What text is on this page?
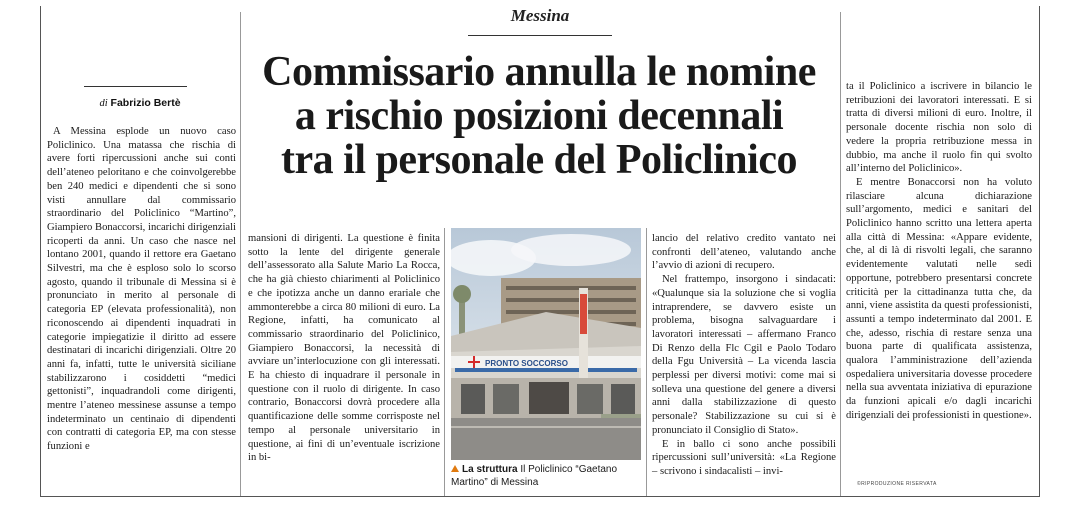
Messina
Commissario annulla le nomine
a rischio posizioni decennali
tra il personale del Policlinico
di Fabrizio Bertè

A Messina esplode un nuovo caso Policlinico. Una matassa che rischia di avere forti ripercussioni anche sui conti dell’ateneo peloritano e che coinvolgerebbe ben 240 medici e dipendenti che si sono visti annullare dal commissario straordinario del Policlinico “Martino”, Giampiero Bonaccorsi, incarichi dirigenziali ricoperti da anni. Un caso che nasce nel lontano 2001, quando il rettore era Gaetano Silvestri, ma che è esploso solo lo scorso agosto, quando il tribunale di Messina si è pronunciato in merito al personale di categoria EP (elevata professionalità), non riconoscendo ai dipendenti inquadrati in categorie impiegatizie il diritto ad essere destinatari di incarichi dirigenziali. Oltre 20 anni fa, infatti, tutte le università siciliane stabilizzarono i cosiddetti “medici gettonisti”, inquadrandoli come dirigenti, mentre l’ateneo messinese assunse a tempo indeterminato un centinaio di dipendenti con contratti di categoria EP, ma con stesse funzioni e

mansioni di dirigenti. La questione è finita sotto la lente del dirigente generale dell’assessorato alla Salute Mario La Rocca, che ha già chiesto chiarimenti al Policlinico e che ipotizza anche un danno erariale che ammonterebbe a circa 80 milioni di euro. La Regione, infatti, ha comunicato al commissario straordinario del Policlinico, Giampiero Bonaccorsi, la necessità di avviare un’interlocuzione con gli interessati. E ha chiesto di inquadrare il personale in questione con il ruolo di dirigente. In caso contrario, Bonaccorsi dovrà procedere alla quantificazione delle somme corrisposte nel tempo al personale universitario in questione, ai fini di un’eventuale iscrizione in bi-

PRONTO SOCCORSO
La struttura Il Policlinico “Gaetano Martino” di Messina

lancio del relativo credito vantato nei confronti dell’ateneo, valutando anche l’avvio di azioni di recupero.

Nel frattempo, insorgono i sindacati: «Qualunque sia la soluzione che si voglia intraprendere, se davvero esiste un problema, bisogna salvaguardare i lavoratori interessati – affermano Franco Di Renzo della Flc Cgil e Paolo Todaro della Fgu Università – La vicenda lascia perplessi per diversi motivi: come mai si solleva una questione del genere a diversi anni dalla stabilizzazione di questo personale? Stabilizzazione su cui si è pronunciato il Consiglio di Stato».

E in ballo ci sono anche possibili ripercussioni sull’università: «La Regione – scrivono i sindacalisti – invi-

ta il Policlinico a iscrivere in bilancio le retribuzioni dei lavoratori interessati. E si tratta di diversi milioni di euro. Inoltre, il personale docente rischia non solo di vedere la propria retribuzione messa in dubbio, ma anche il ruolo fin qui svolto all’interno del Policlinico».

E mentre Bonaccorsi non ha voluto rilasciare alcuna dichiarazione sull’argomento, medici e sanitari del Policlinico hanno scritto una lettera aperta alla città di Messina: «Appare evidente, che, al di là di risvolti legali, che saranno evidentemente valutati nelle sedi opportune, potrebbero presentarsi concrete criticità per la cittadinanza tutta che, da anni, viene assistita da questi professionisti, assunti a tempo indeterminato dal 2001. E che, adesso, rischia di restare senza una buona parte di qualificata assistenza, qualora l’amministrazione dell’azienda ospedaliera universitaria dovesse procedere nella sua avventata iniziativa di epurazione da funzioni apicali e/o dagli incarichi dirigenziali dei professionisti in questione».

©RIPRODUZIONE RISERVATA
